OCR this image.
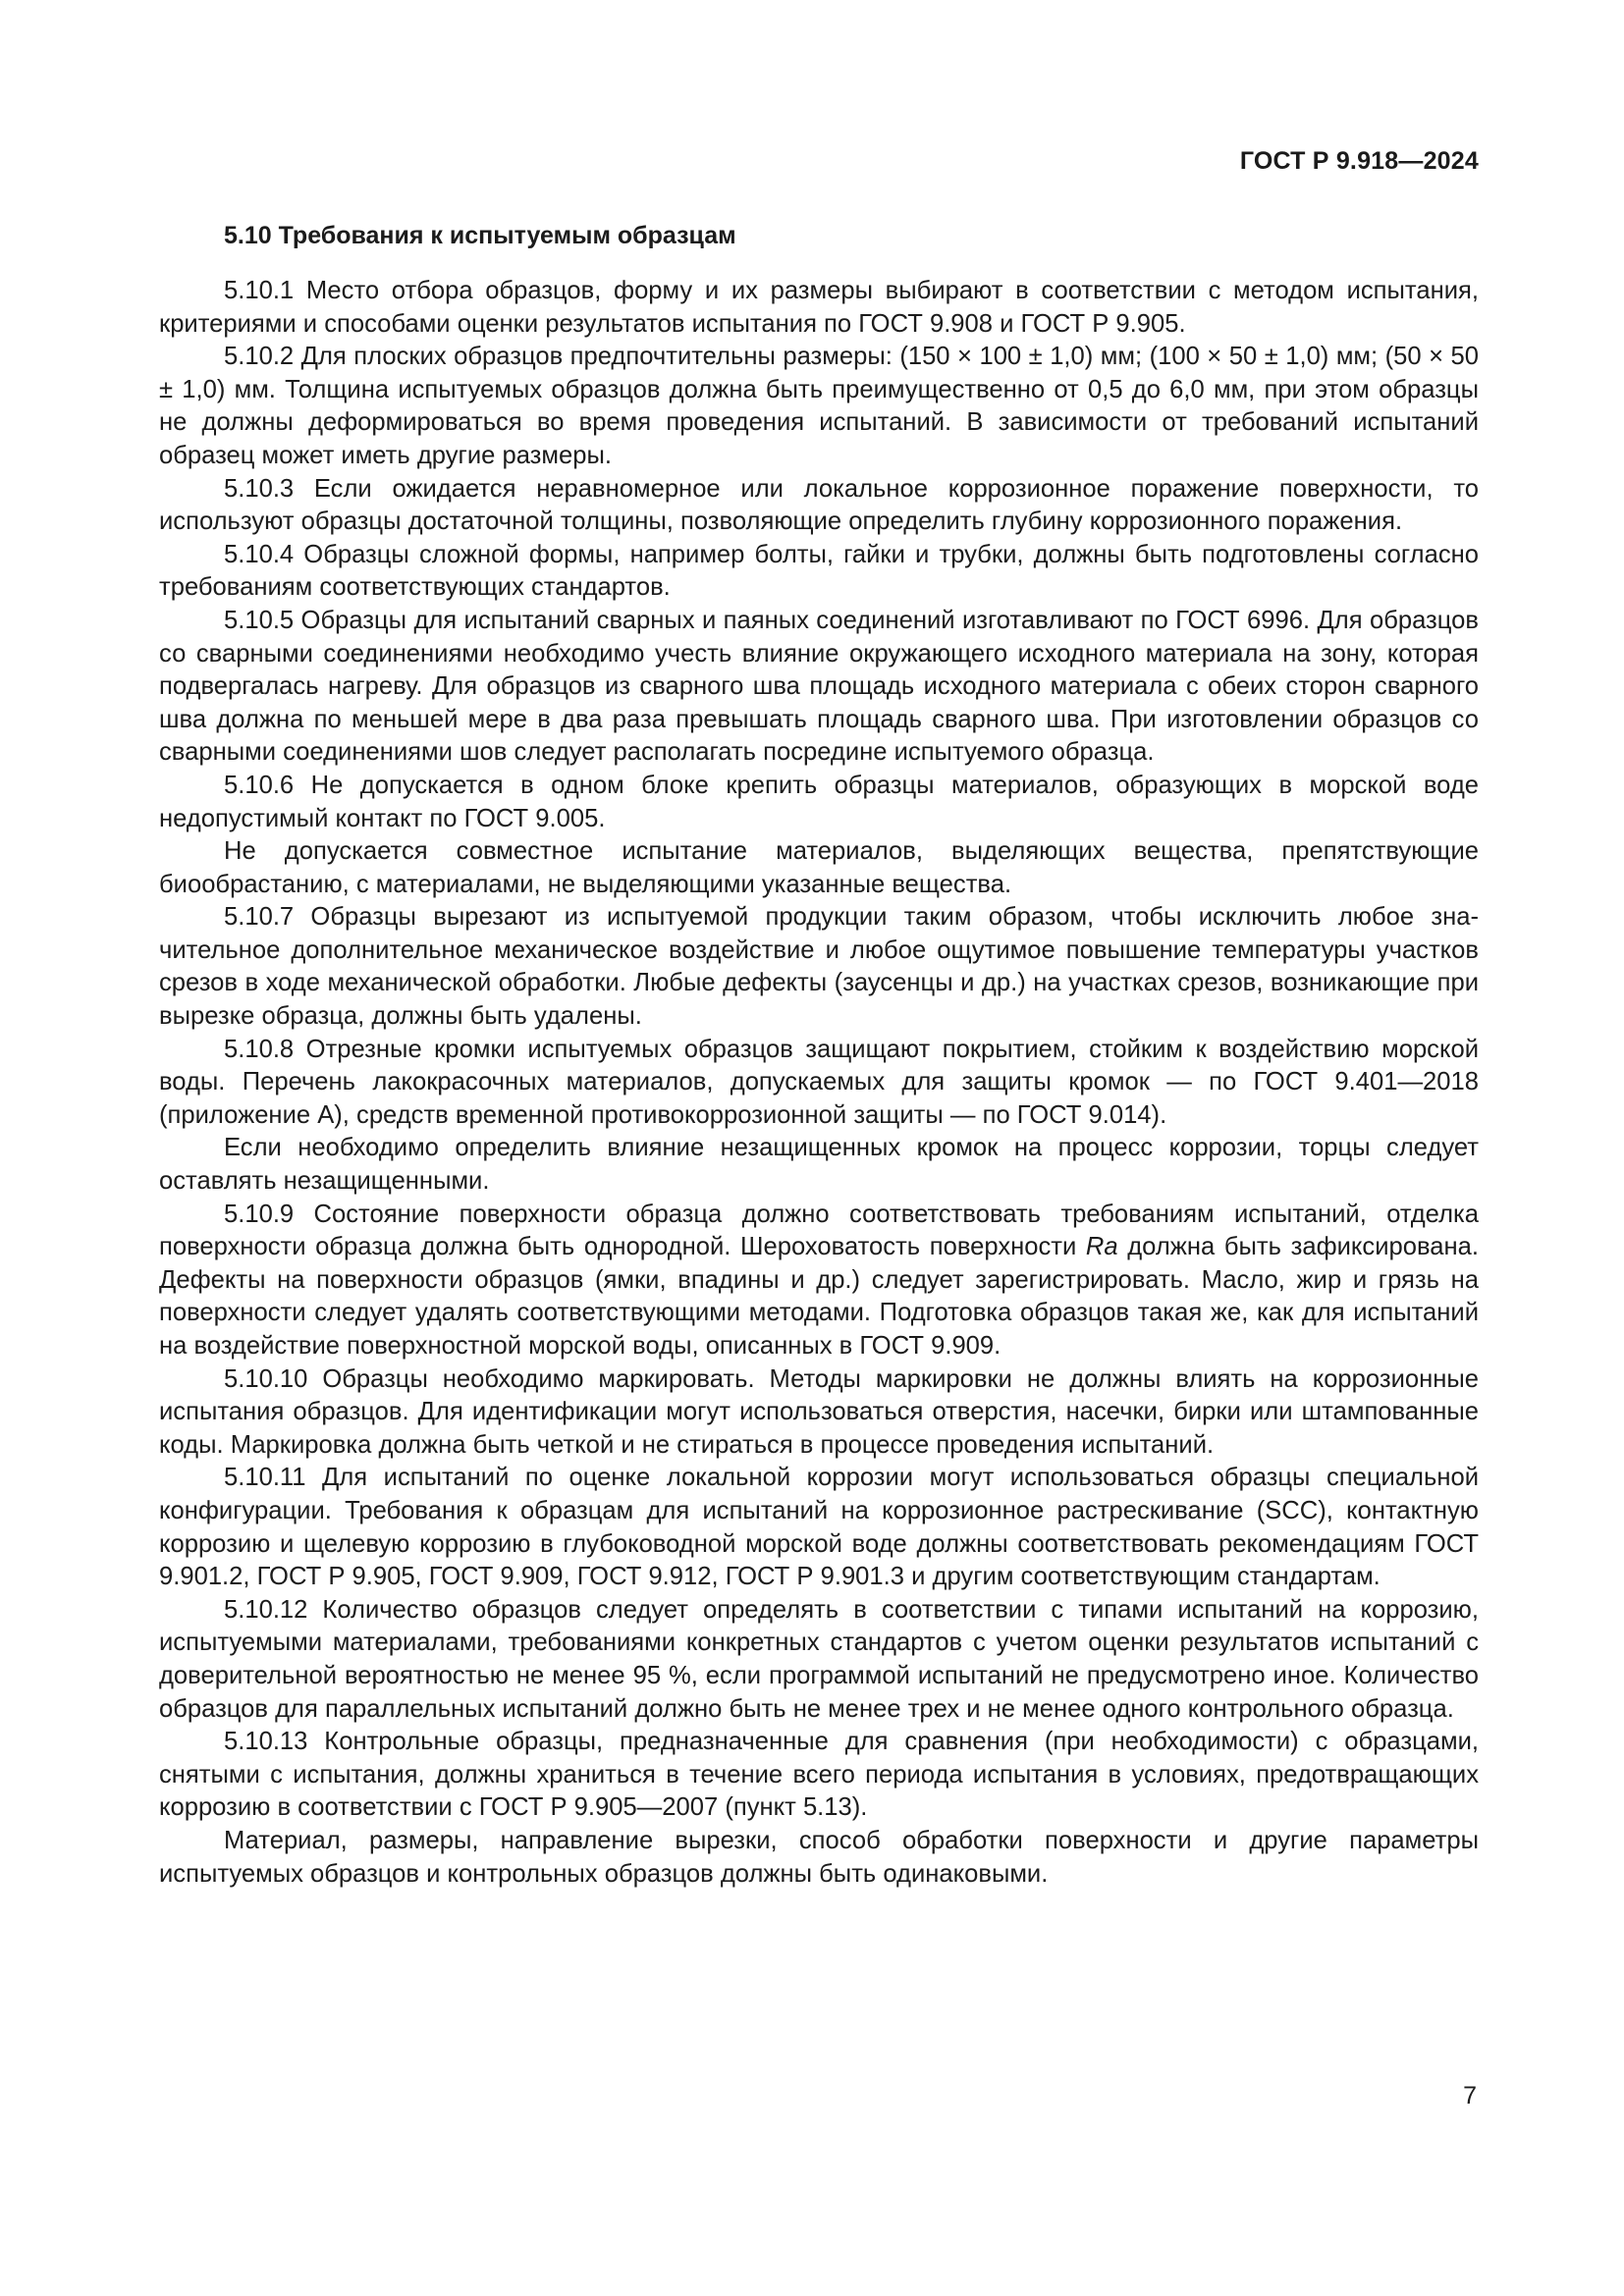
ГОСТ Р 9.918—2024
5.10 Требования к испытуемым образцам

5.10.1 Место отбора образцов, форму и их размеры выбирают в соответствии с методом испытания, критериями и способами оценки результатов испытания по ГОСТ 9.908 и ГОСТ Р 9.905.

5.10.2 Для плоских образцов предпочтительны размеры: (150 × 100 ± 1,0) мм; (100 × 50 ± 1,0) мм; (50 × 50 ± 1,0) мм. Толщина испытуемых образцов должна быть преимущественно от 0,5 до 6,0 мм, при этом образцы не должны деформироваться во время проведения испытаний. В зависимости от требований испытаний образец может иметь другие размеры.

5.10.3 Если ожидается неравномерное или локальное коррозионное поражение поверхности, то используют образцы достаточной толщины, позволяющие определить глубину коррозионного поражения.

5.10.4 Образцы сложной формы, например болты, гайки и трубки, должны быть подготовлены согласно требованиям соответствующих стандартов.

5.10.5 Образцы для испытаний сварных и паяных соединений изготавливают по ГОСТ 6996. Для образцов со сварными соединениями необходимо учесть влияние окружающего исходного материала на зону, которая подвергалась нагреву. Для образцов из сварного шва площадь исходного материала с обеих сторон сварного шва должна по меньшей мере в два раза превышать площадь сварного шва. При изготовлении образцов со сварными соединениями шов следует располагать посредине испытуемого образца.

5.10.6 Не допускается в одном блоке крепить образцы материалов, образующих в морской воде недопустимый контакт по ГОСТ 9.005.

Не допускается совместное испытание материалов, выделяющих вещества, препятствующие биообрастанию, с материалами, не выделяющими указанные вещества.

5.10.7 Образцы вырезают из испытуемой продукции таким образом, чтобы исключить любое значительное дополнительное механическое воздействие и любое ощутимое повышение температуры участков срезов в ходе механической обработки. Любые дефекты (заусенцы и др.) на участках срезов, возникающие при вырезке образца, должны быть удалены.

5.10.8 Отрезные кромки испытуемых образцов защищают покрытием, стойким к воздействию морской воды. Перечень лакокрасочных материалов, допускаемых для защиты кромок — по ГОСТ 9.401—2018 (приложение А), средств временной противокоррозионной защиты — по ГОСТ 9.014).

Если необходимо определить влияние незащищенных кромок на процесс коррозии, торцы следует оставлять незащищенными.

5.10.9 Состояние поверхности образца должно соответствовать требованиям испытаний, отделка поверхности образца должна быть однородной. Шероховатость поверхности Ra должна быть зафиксирована. Дефекты на поверхности образцов (ямки, впадины и др.) следует зарегистрировать. Масло, жир и грязь на поверхности следует удалять соответствующими методами. Подготовка образцов такая же, как для испытаний на воздействие поверхностной морской воды, описанных в ГОСТ 9.909.

5.10.10 Образцы необходимо маркировать. Методы маркировки не должны влиять на коррозионные испытания образцов. Для идентификации могут использоваться отверстия, насечки, бирки или штампованные коды. Маркировка должна быть четкой и не стираться в процессе проведения испытаний.

5.10.11 Для испытаний по оценке локальной коррозии могут использоваться образцы специальной конфигурации. Требования к образцам для испытаний на коррозионное растрескивание (SCC), контактную коррозию и щелевую коррозию в глубоководной морской воде должны соответствовать рекомендациям ГОСТ 9.901.2, ГОСТ Р 9.905, ГОСТ 9.909, ГОСТ 9.912, ГОСТ Р 9.901.3 и другим соответствующим стандартам.

5.10.12 Количество образцов следует определять в соответствии с типами испытаний на коррозию, испытуемыми материалами, требованиями конкретных стандартов с учетом оценки результатов испытаний с доверительной вероятностью не менее 95 %, если программой испытаний не предусмотрено иное. Количество образцов для параллельных испытаний должно быть не менее трех и не менее одного контрольного образца.

5.10.13 Контрольные образцы, предназначенные для сравнения (при необходимости) с образцами, снятыми с испытания, должны храниться в течение всего периода испытания в условиях, предотвращающих коррозию в соответствии с ГОСТ Р 9.905—2007 (пункт 5.13).

Материал, размеры, направление вырезки, способ обработки поверхности и другие параметры испытуемых образцов и контрольных образцов должны быть одинаковыми.

7
